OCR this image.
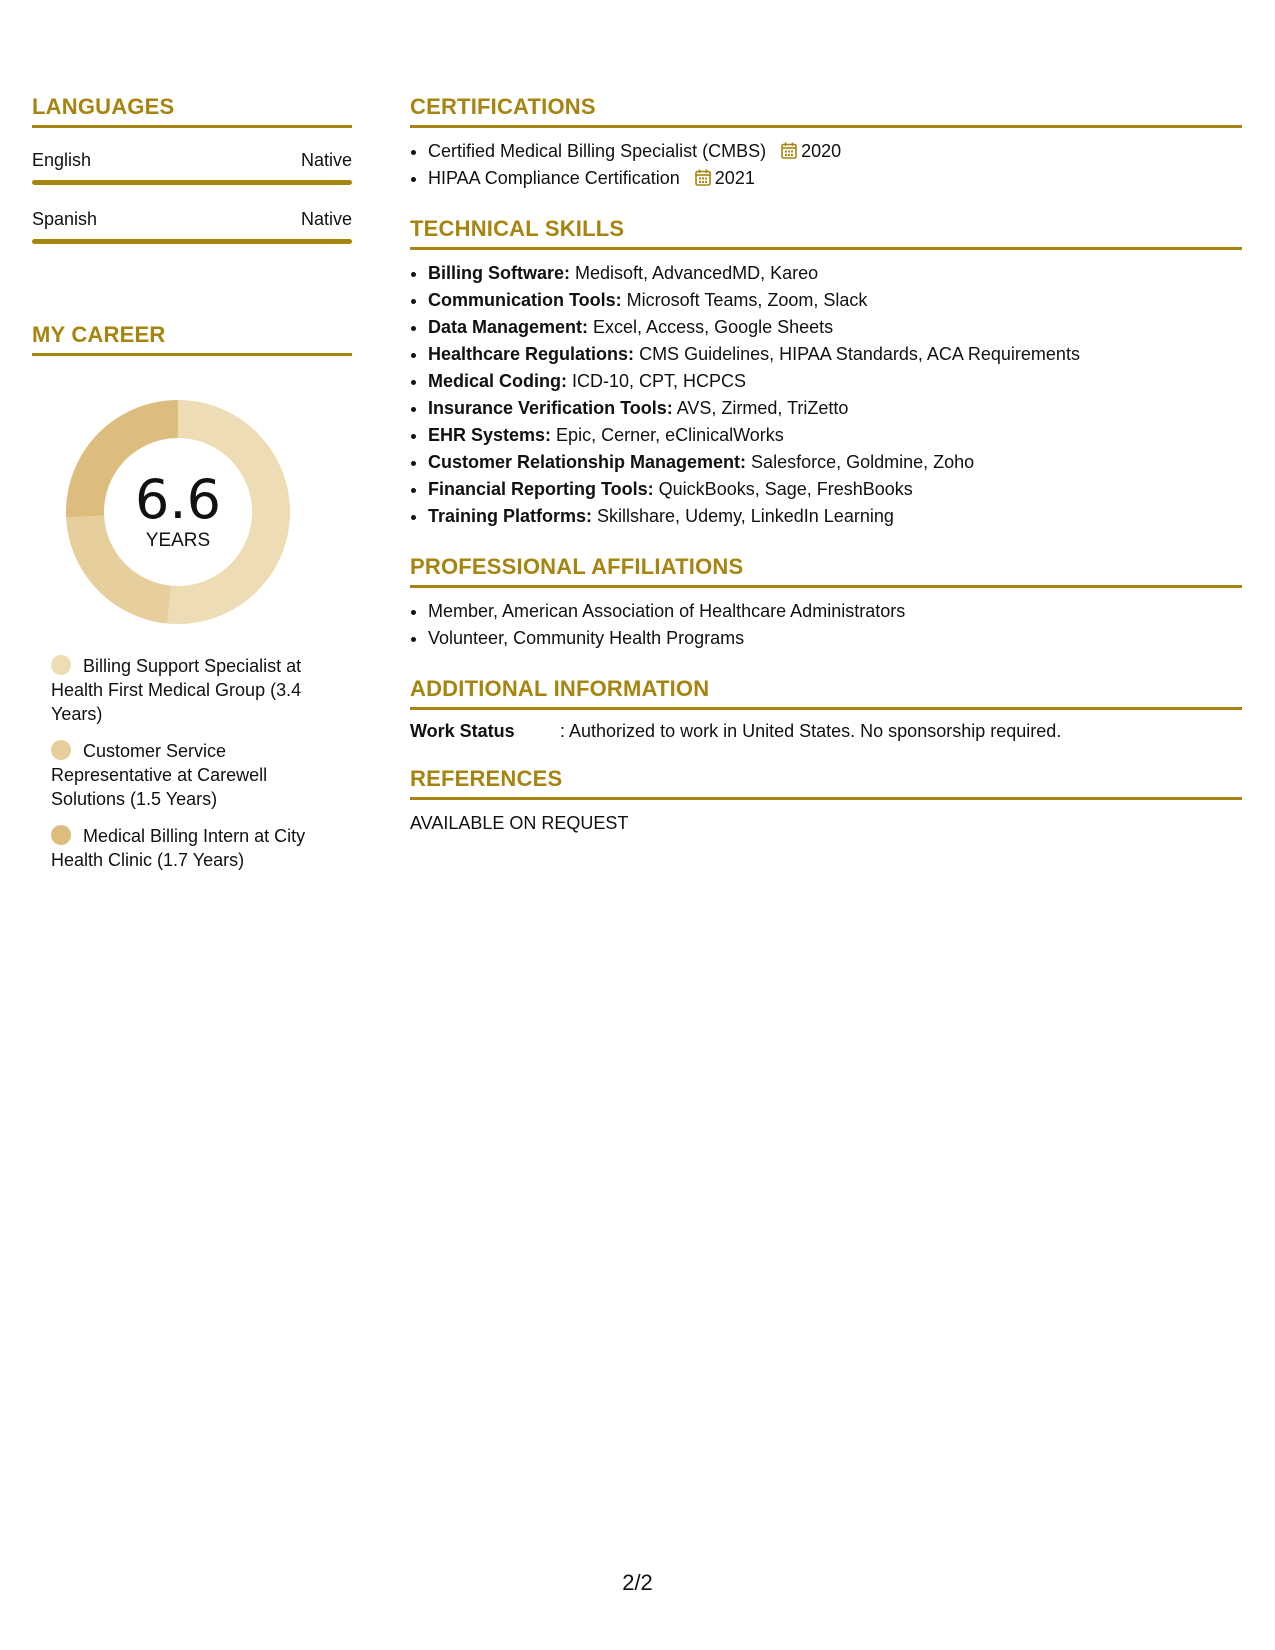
LANGUAGES
English	Native
Spanish	Native
MY CAREER
6.6
YEARS
Billing Support Specialist at Health First Medical Group (3.4 Years)
Customer Service Representative at Carewell Solutions (1.5 Years)
Medical Billing Intern at City Health Clinic (1.7 Years)
CERTIFICATIONS
• Certified Medical Billing Specialist (CMBS) 2020
• HIPAA Compliance Certification 2021
TECHNICAL SKILLS
• Billing Software: Medisoft, AdvancedMD, Kareo
• Communication Tools: Microsoft Teams, Zoom, Slack
• Data Management: Excel, Access, Google Sheets
• Healthcare Regulations: CMS Guidelines, HIPAA Standards, ACA Requirements
• Medical Coding: ICD-10, CPT, HCPCS
• Insurance Verification Tools: AVS, Zirmed, TriZetto
• EHR Systems: Epic, Cerner, eClinicalWorks
• Customer Relationship Management: Salesforce, Goldmine, Zoho
• Financial Reporting Tools: QuickBooks, Sage, FreshBooks
• Training Platforms: Skillshare, Udemy, LinkedIn Learning
PROFESSIONAL AFFILIATIONS
• Member, American Association of Healthcare Administrators
• Volunteer, Community Health Programs
ADDITIONAL INFORMATION
Work Status	: Authorized to work in United States. No sponsorship required.
REFERENCES
AVAILABLE ON REQUEST
2/2
